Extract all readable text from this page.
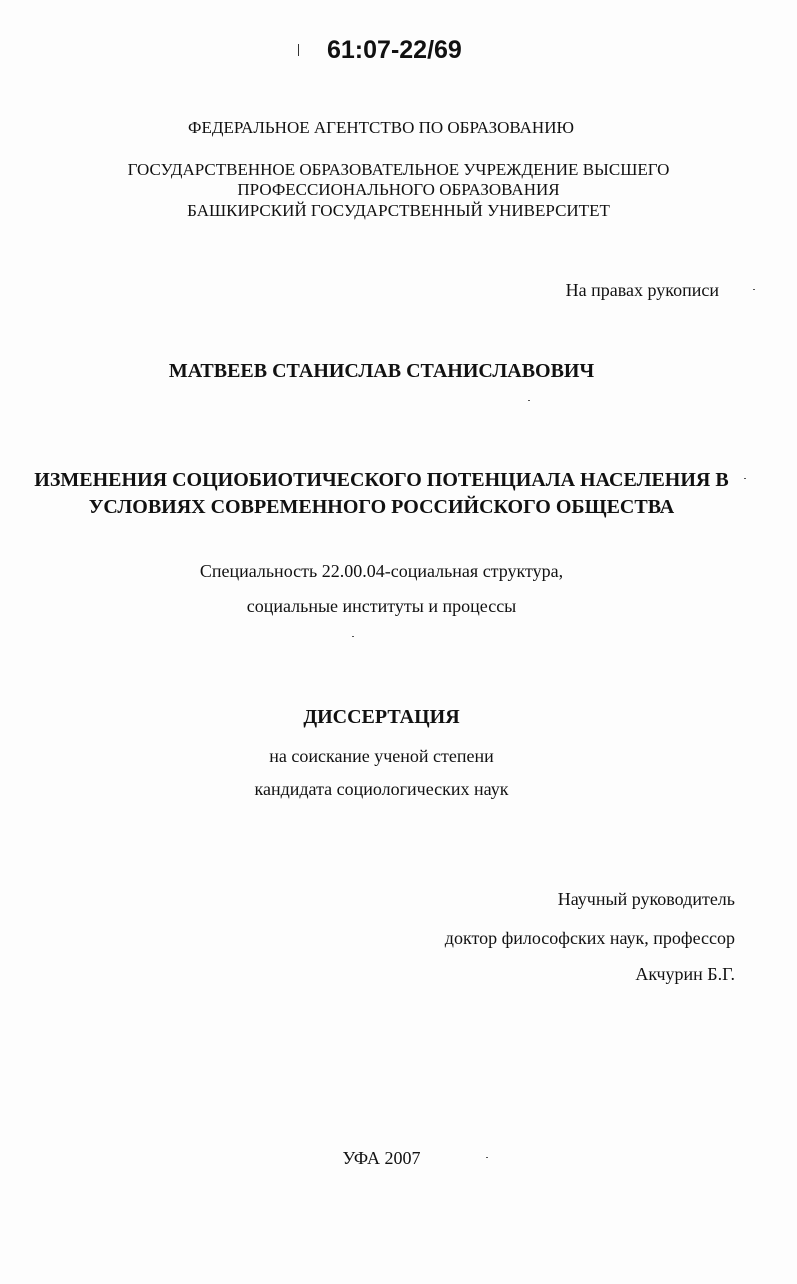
61:07-22/69
ФЕДЕРАЛЬНОЕ АГЕНТСТВО ПО ОБРАЗОВАНИЮ
ГОСУДАРСТВЕННОЕ ОБРАЗОВАТЕЛЬНОЕ УЧРЕЖДЕНИЕ ВЫСШЕГО
ПРОФЕССИОНАЛЬНОГО ОБРАЗОВАНИЯ
БАШКИРСКИЙ ГОСУДАРСТВЕННЫЙ УНИВЕРСИТЕТ
На правах рукописи
МАТВЕЕВ СТАНИСЛАВ СТАНИСЛАВОВИЧ
ИЗМЕНЕНИЯ СОЦИОБИОТИЧЕСКОГО ПОТЕНЦИАЛА НАСЕЛЕНИЯ В
УСЛОВИЯХ СОВРЕМЕННОГО РОССИЙСКОГО ОБЩЕСТВА
Специальность 22.00.04-социальная структура,
социальные институты и процессы
ДИССЕРТАЦИЯ
на соискание ученой степени
кандидата социологических наук
Научный руководитель
доктор философских наук, профессор
Акчурин Б.Г.
УФА 2007
